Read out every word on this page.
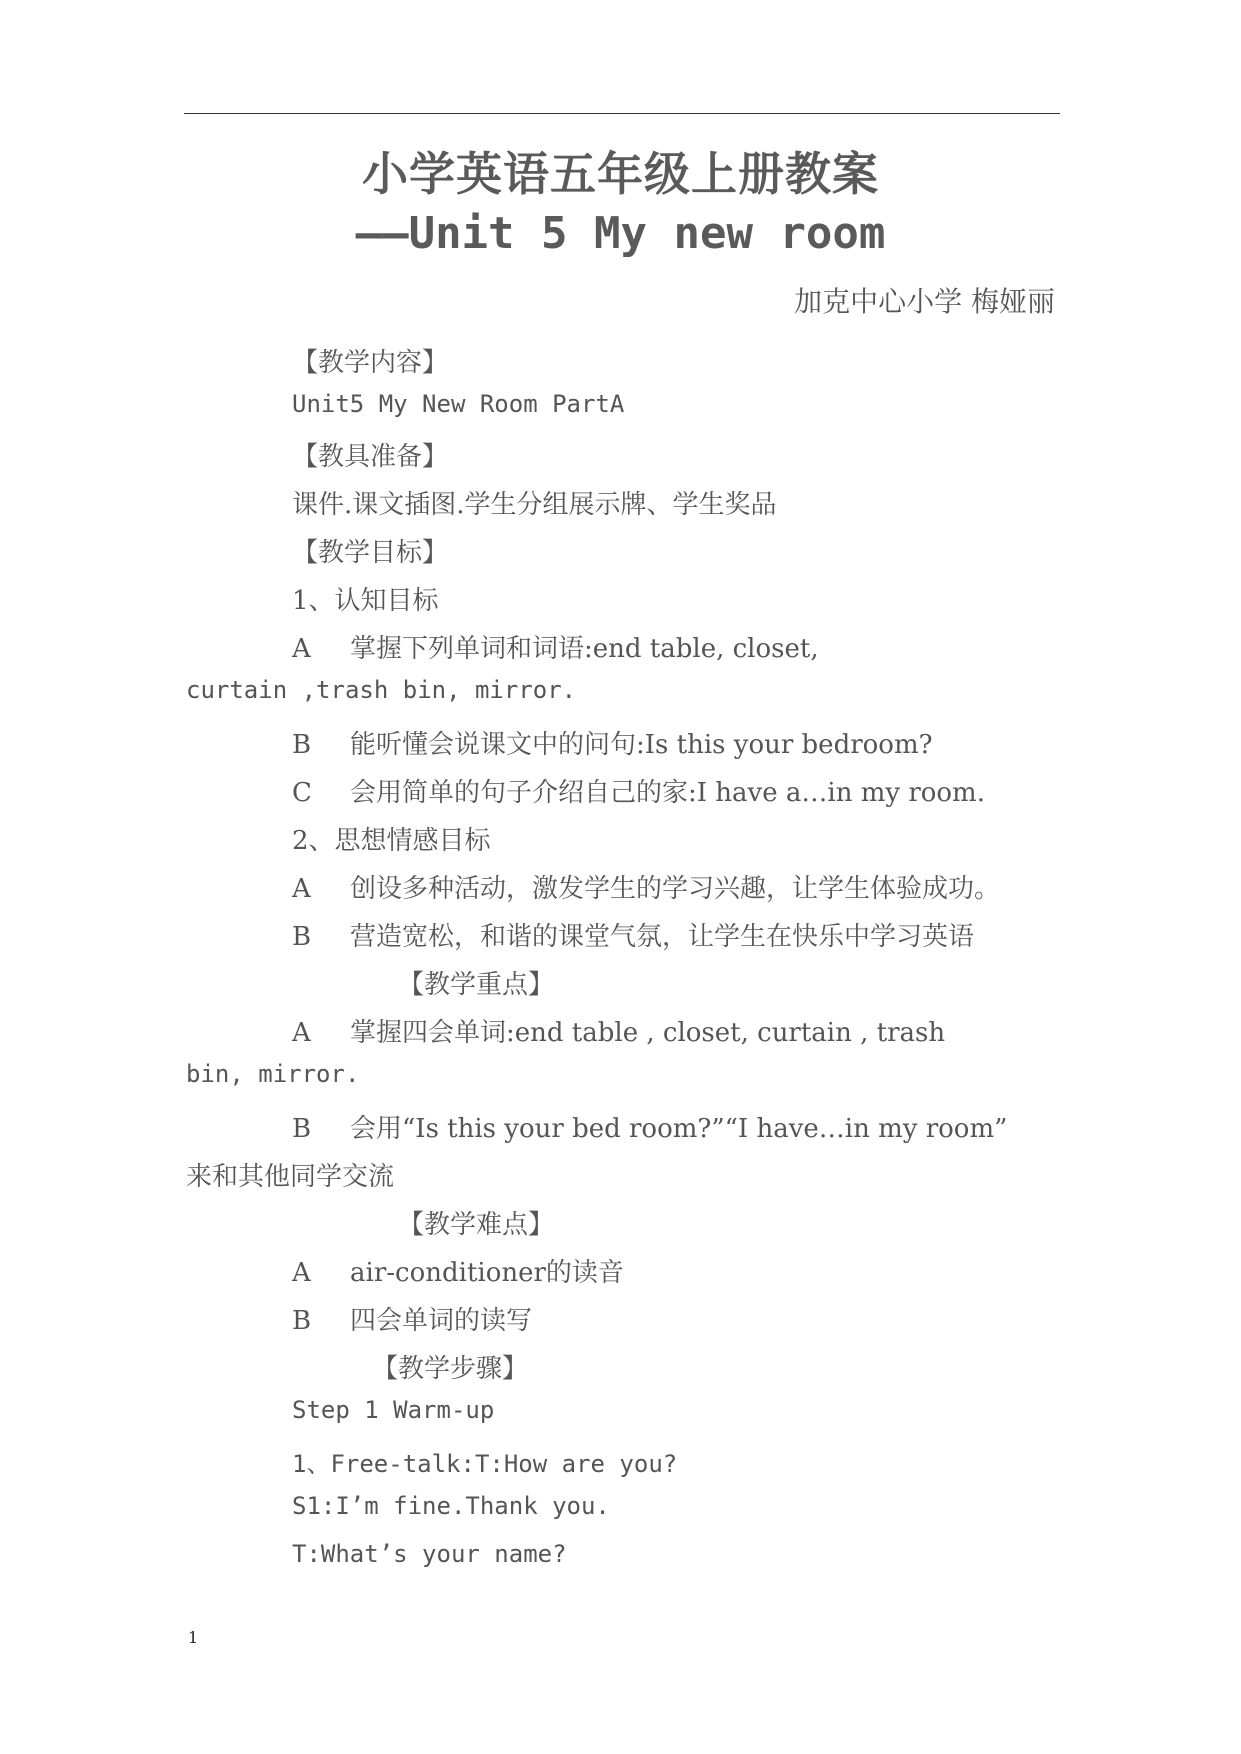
小学英语五年级上册教案
——Unit 5 My new room
加克中心小学 梅娅丽
【教学内容】
Unit5 My New Room PartA
【教具准备】
课件.课文插图.学生分组展示牌、学生奖品
【教学目标】
1、认知目标
A 掌握下列单词和词语:end table, closet,
curtain ,trash bin, mirror.
B 能听懂会说课文中的问句:Is this your bedroom?
C 会用简单的句子介绍自己的家:I have a…in my room.
2、思想情感目标
A 创设多种活动，激发学生的学习兴趣，让学生体验成功。
B 营造宽松，和谐的课堂气氛，让学生在快乐中学习英语
【教学重点】
A 掌握四会单词:end table , closet, curtain , trash
bin, mirror.
B 会用“Is this your bed room?”“I have…in my room”
来和其他同学交流
【教学难点】
A air-conditioner的读音
B 四会单词的读写
【教学步骤】
Step 1 Warm-up
1、Free-talk:T:How are you?
S1:I’m fine.Thank you.
T:What’s your name?
1
